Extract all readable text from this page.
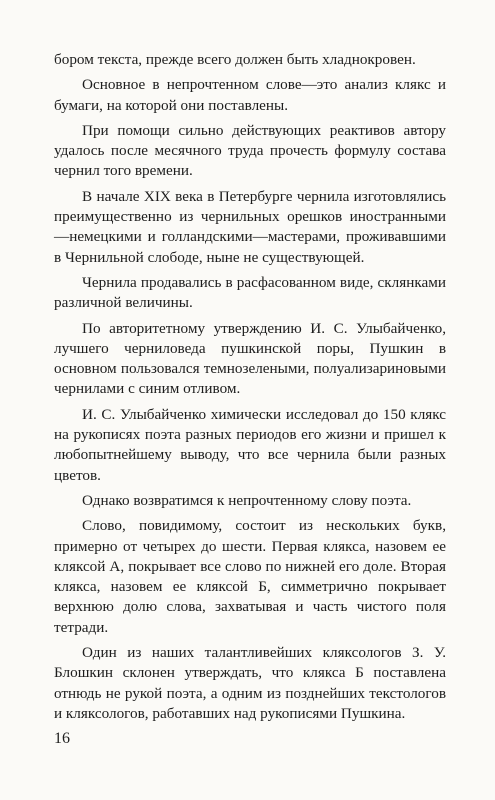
бором текста, прежде всего должен быть хладнокровен.

Основное в непрочтенном слове—это анализ клякс и бумаги, на которой они поставлены.

При помощи сильно действующих реактивов автору удалось после месячного труда прочесть формулу состава чернил того времени.

В начале XIX века в Петербурге чернила изготовлялись преимущественно из чернильных орешков иностранными—немецкими и голландскими—мастерами, проживавшими в Чернильной слободе, ныне не существующей.

Чернила продавались в расфасованном виде, склянками различной величины.

По авторитетному утверждению И. С. Улыбайченко, лучшего черниловеда пушкинской поры, Пушкин в основном пользовался темнозелеными, полуализариновыми чернилами с синим отливом.

И. С. Улыбайченко химически исследовал до 150 клякс на рукописях поэта разных периодов его жизни и пришел к любопытнейшему выводу, что все чернила были разных цветов.

Однако возвратимся к непрочтенному слову поэта.

Слово, повидимому, состоит из нескольких букв, примерно от четырех до шести. Первая клякса, назовем ее кляксой А, покрывает все слово по нижней его доле. Вторая клякса, назовем ее кляксой Б, симметрично покрывает верхнюю долю слова, захватывая и часть чистого поля тетради.

Один из наших талантливейших кляксологов З. У. Блошкин склонен утверждать, что клякса Б поставлена отнюдь не рукой поэта, а одним из позднейших текстологов и кляксологов, работавших над рукописями Пушкина.

16
